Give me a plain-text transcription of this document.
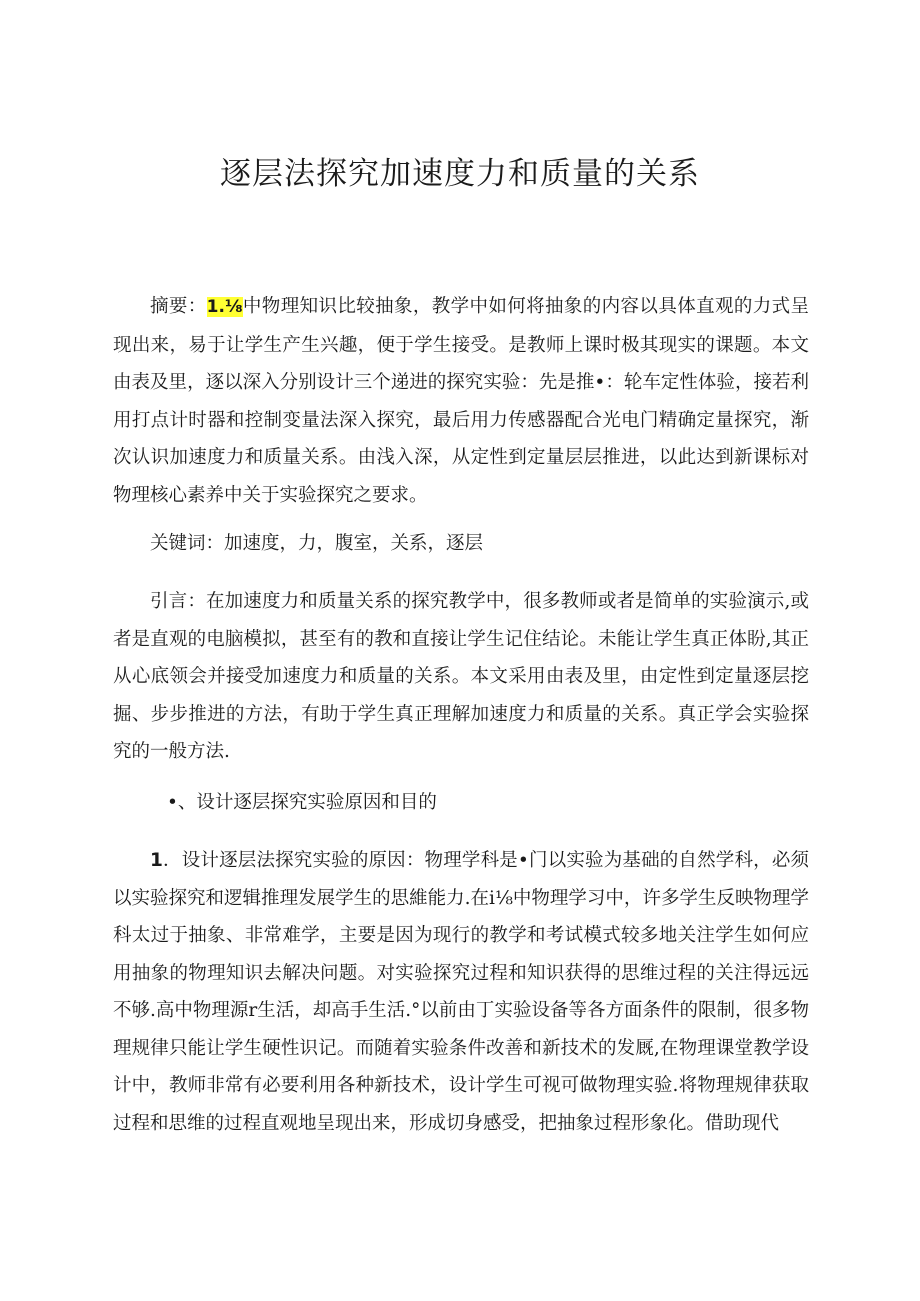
逐层法探究加速度力和质量的关系

摘要：1.⅛中物理知识比较抽象，教学中如何将抽象的内容以具体直观的力式呈现出来，易于让学生产生兴趣，便于学生接受。是教师上课时极其现实的课题。本文由表及里，逐以深入分别设计三个递进的探究实验：先是推•：轮车定性体验，接若利用打点计时器和控制变量法深入探究，最后用力传感器配合光电门精确定量探究，渐次认识加速度力和质量关系。由浅入深，从定性到定量层层推进，以此达到新课标对物理核心素养中关于实验探究之要求。

关键词：加速度，力，腹室，关系，逐层

引言：在加速度力和质量关系的探究教学中，很多教师或者是简单的实验演示,或者是直观的电脑模拟，甚至有的教和直接让学生记住结论。未能让学生真正体盼,其正从心底领会并接受加速度力和质量的关系。本文采用由表及里，由定性到定量逐层挖掘、步步推进的方法，有助于学生真正理解加速度力和质量的关系。真正学会实验探究的一般方法.

•、设计逐层探究实验原因和目的

1．设计逐层法探究实验的原因：物理学科是•门以实验为基础的自然学科，必须以实验探究和逻辑推理发展学生的思維能力.在i⅛中物理学习中，许多学生反映物理学科太过于抽象、非常难学，主要是因为现行的教学和考试模式较多地关注学生如何应用抽象的物理知识去解决问题。对实验探究过程和知识获得的思维过程的关注得远远不够.高中物理源r生活，却高手生活.°以前由丁实验设备等各方面条件的限制，很多物理规律只能让学生硬性识记。而随着实验条件改善和新技术的发厩,在物理课堂教学设计中，教师非常有必要利用各种新技术，设计学生可视可做物理实验.将物理规律获取过程和思维的过程直观地呈现出来，形成切身感受，把抽象过程形象化。借助现代
